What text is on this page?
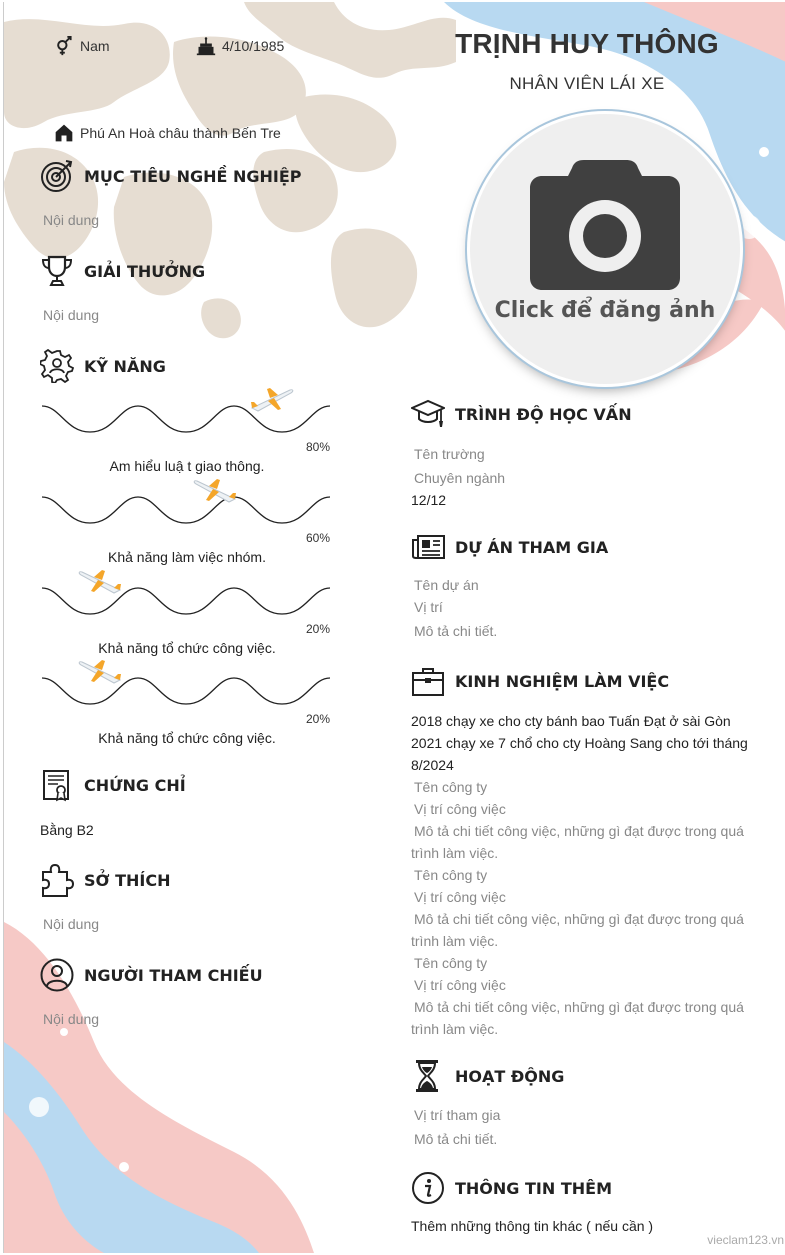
TRỊNH HUY THÔNG
NHÂN VIÊN LÁI XE
Nam	4/10/1985
Phú An Hoà châu thành Bến Tre
Click để đăng ảnh
MỤC TIÊU NGHỀ NGHIỆP
Nội dung
GIẢI THƯỞNG
Nội dung
KỸ NĂNG
80%
Am hiểu luậ t giao thông.
60%
Khả năng làm việc nhóm.
20%
Khả năng tổ chức công việc.
20%
Khả năng tổ chức công việc.
CHỨNG CHỈ
Bằng B2
SỞ THÍCH
Nội dung
NGƯỜI THAM CHIẾU
Nội dung
TRÌNH ĐỘ HỌC VẤN
Tên trường
Chuyên ngành
12/12
DỰ ÁN THAM GIA
Tên dự án
Vị trí
Mô tả chi tiết.
KINH NGHIỆM LÀM VIỆC
2018 chạy xe cho cty bánh bao Tuấn Đạt ở sài Gòn
2021 chạy xe 7 chổ cho cty Hoàng Sang cho tới tháng 8/2024
Tên công ty
Vị trí công việc
Mô tả chi tiết công việc, những gì đạt được trong quá trình làm việc.
Tên công ty
Vị trí công việc
Mô tả chi tiết công việc, những gì đạt được trong quá trình làm việc.
Tên công ty
Vị trí công việc
Mô tả chi tiết công việc, những gì đạt được trong quá trình làm việc.
HOẠT ĐỘNG
Vị trí tham gia
Mô tả chi tiết.
THÔNG TIN THÊM
Thêm những thông tin khác ( nếu cần )
vieclam123.vn
